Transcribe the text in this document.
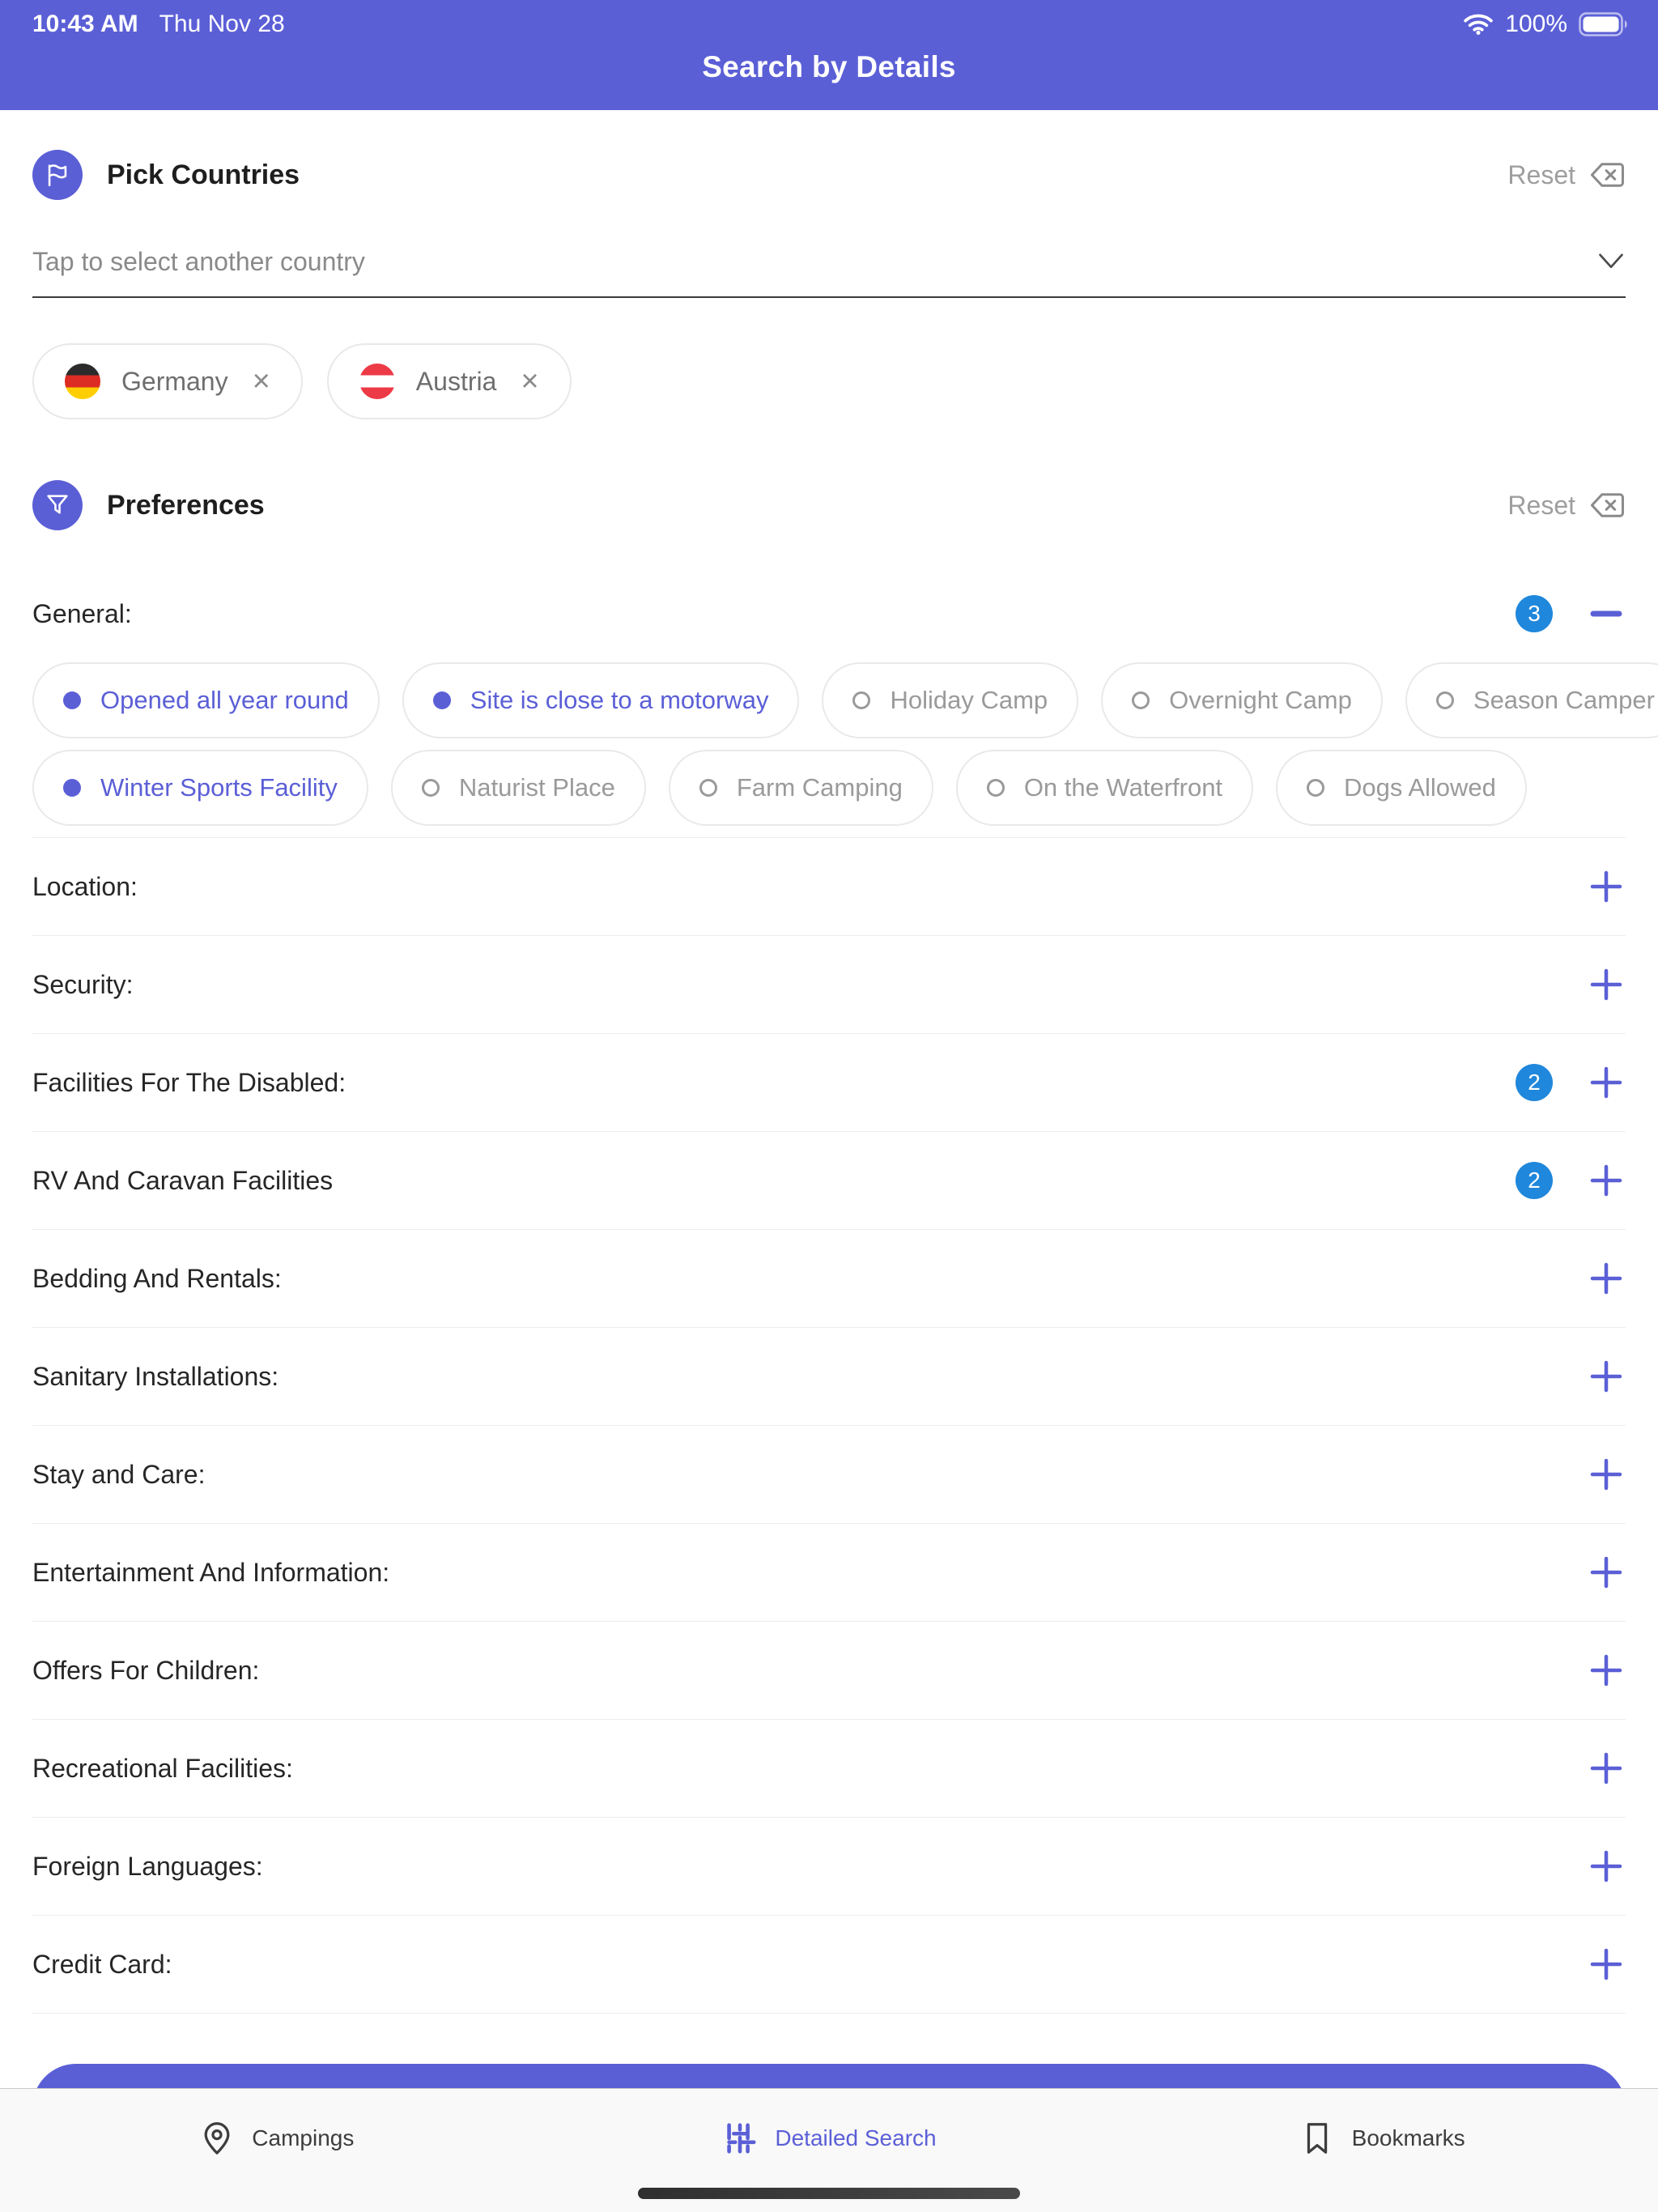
10:43 AM Thu Nov 28	100%
Search by Details
Pick Countries	Reset
Tap to select another country
Germany ×	Austria ×
Preferences	Reset
General:	3
Opened all year round	Site is close to a motorway	Holiday Camp	Overnight Camp	Season Camper
Winter Sports Facility	Naturist Place	Farm Camping	On the Waterfront	Dogs Allowed
Location:
Security:
Facilities For The Disabled:	2
RV And Caravan Facilities	2
Bedding And Rentals:
Sanitary Installations:
Stay and Care:
Entertainment And Information:
Offers For Children:
Recreational Facilities:
Foreign Languages:
Credit Card:
Campings	Detailed Search	Bookmarks
